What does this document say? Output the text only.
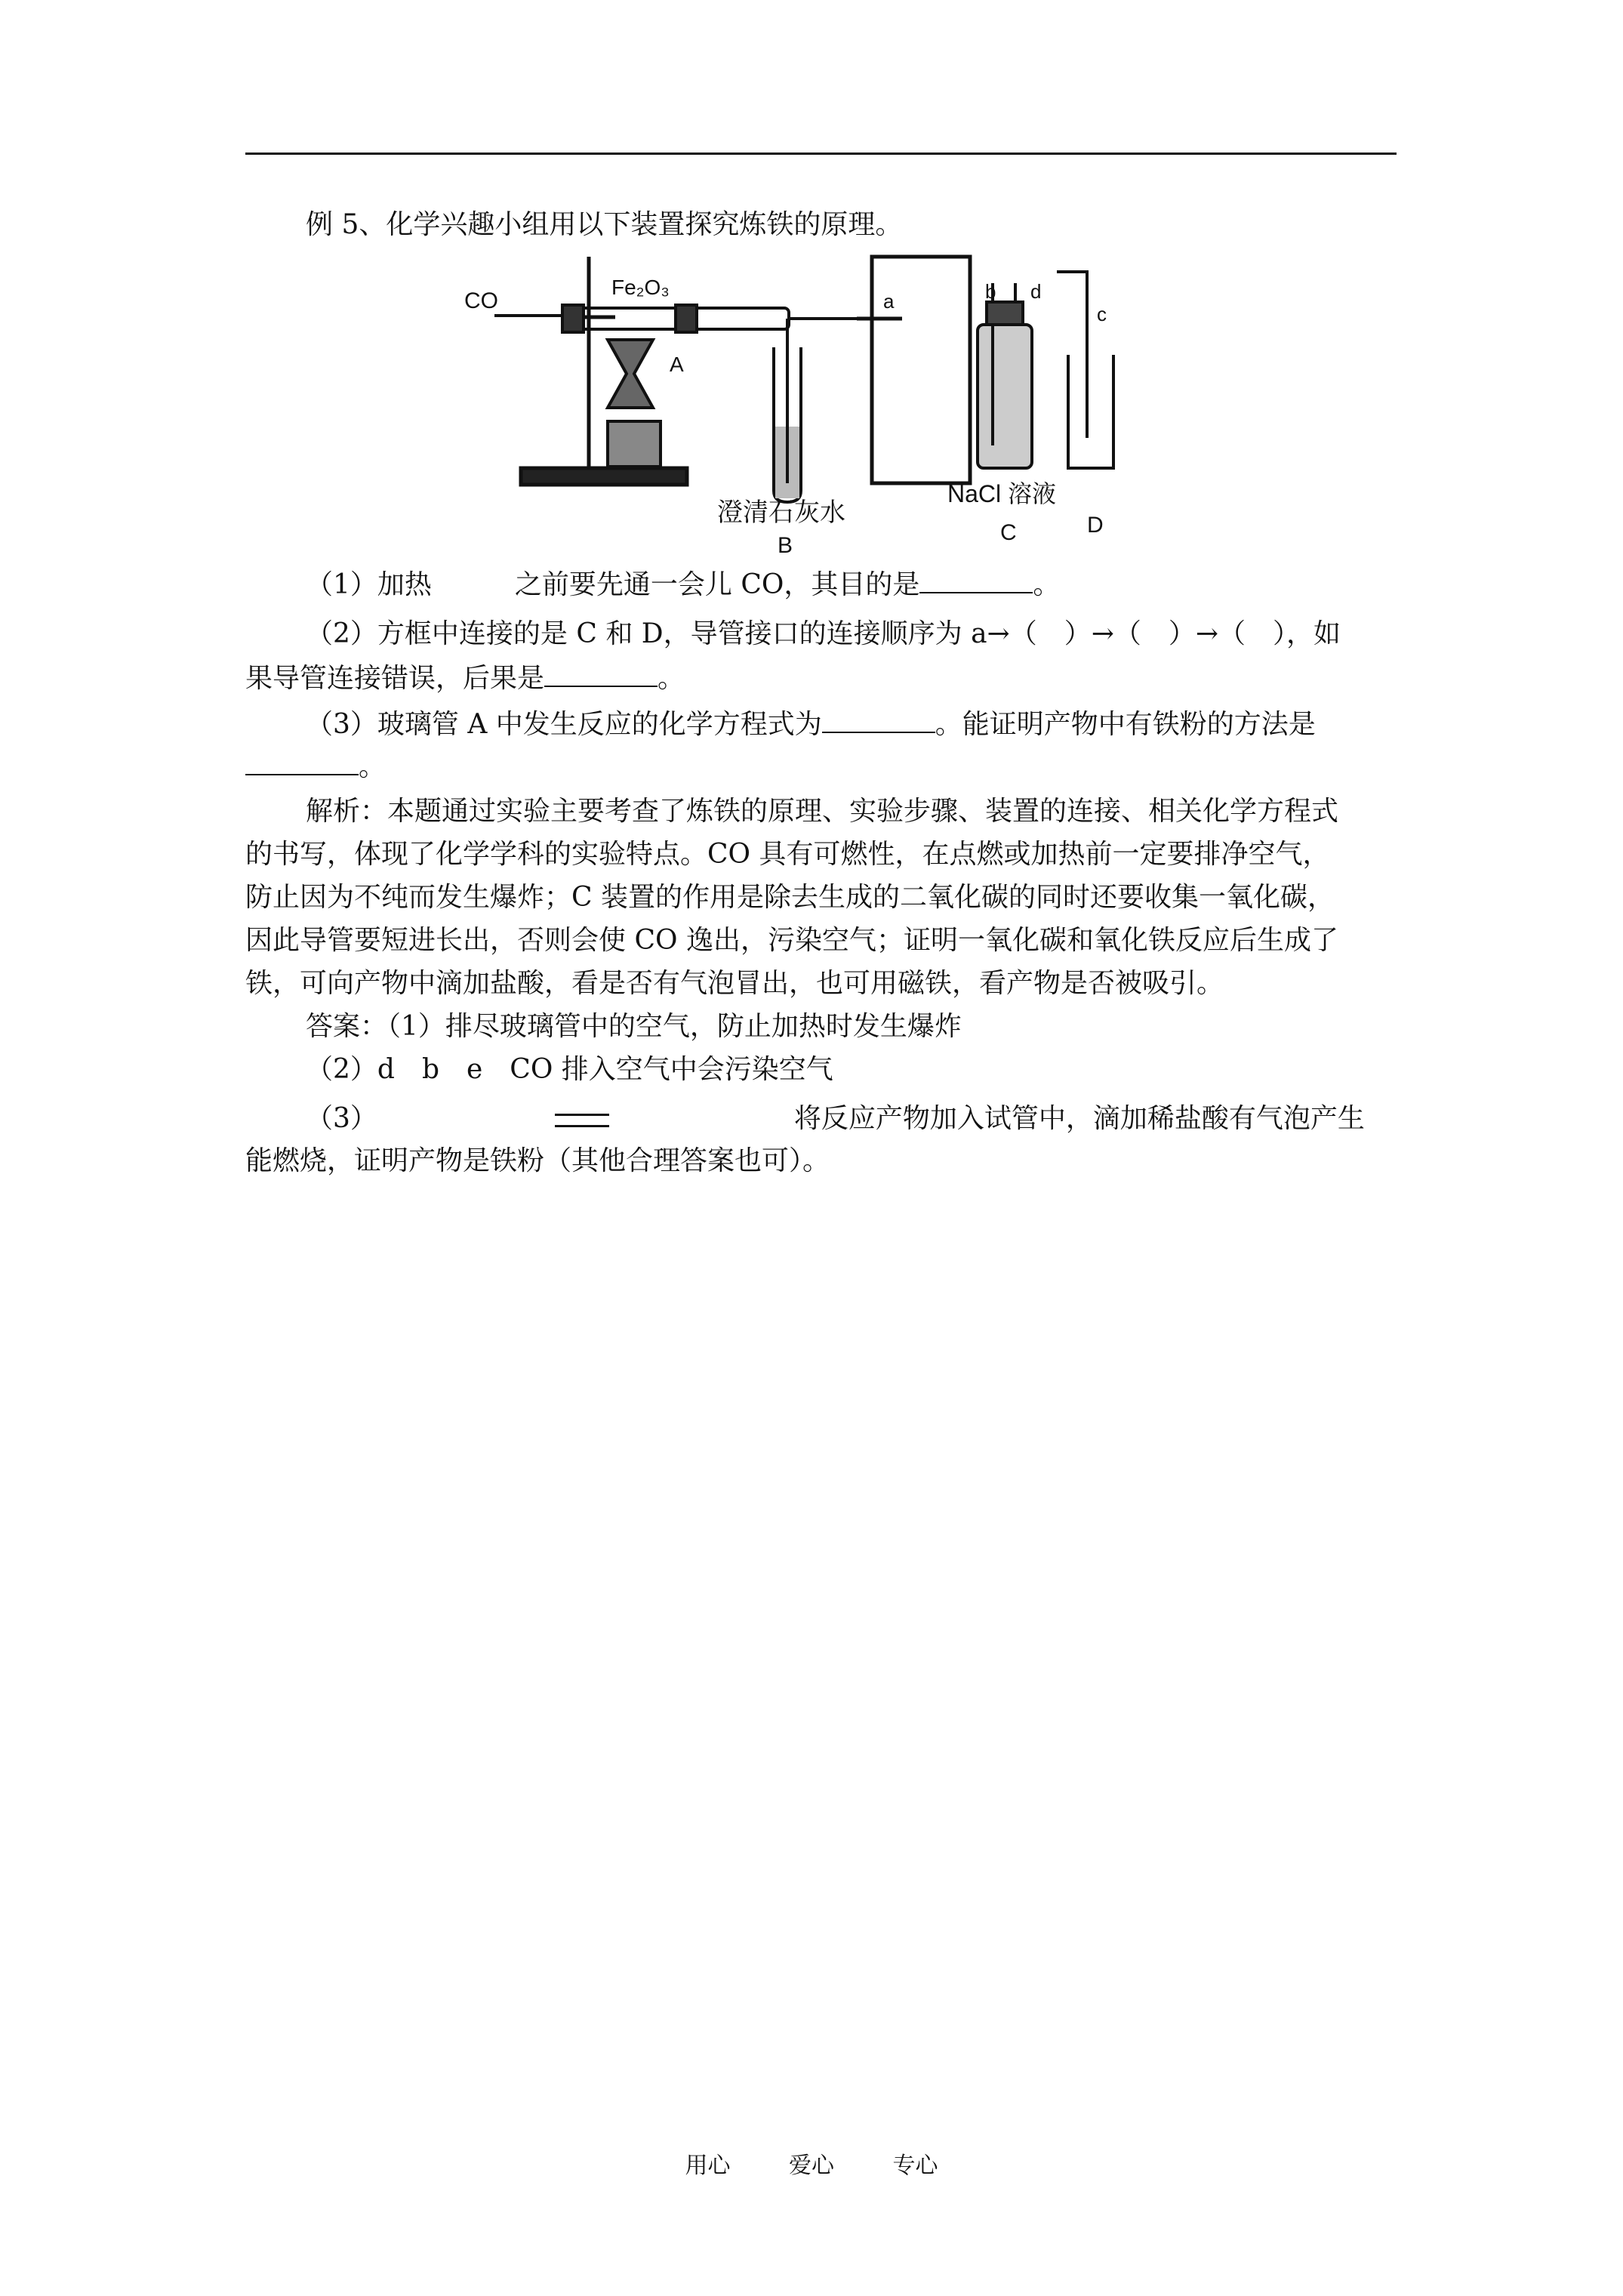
例 5、化学兴趣小组用以下装置探究炼铁的原理。
CO
Fe₂O₃
A
a	b d
c
澄清石灰水
B
NaCl 溶液
C	D
（1）加热	之前要先通一会儿 CO，其目的是	。
（2）方框中连接的是 C 和 D，导管接口的连接顺序为 a→（　）→（　）→（　），如
果导管连接错误，后果是	。
（3）玻璃管 A 中发生反应的化学方程式为	。能证明产物中有铁粉的方法是
。
解析：本题通过实验主要考查了炼铁的原理、实验步骤、装置的连接、相关化学方程式
的书写，体现了化学学科的实验特点。CO 具有可燃性，在点燃或加热前一定要排净空气，
防止因为不纯而发生爆炸；C 装置的作用是除去生成的二氧化碳的同时还要收集一氧化碳，
因此导管要短进长出，否则会使 CO 逸出，污染空气；证明一氧化碳和氧化铁反应后生成了
铁，可向产物中滴加盐酸，看是否有气泡冒出，也可用磁铁，看产物是否被吸引。
答案：（1）排尽玻璃管中的空气，防止加热时发生爆炸
（2）d　b　e　CO 排入空气中会污染空气
（3）	将反应产物加入试管中，滴加稀盐酸有气泡产生
能燃烧，证明产物是铁粉（其他合理答案也可）。
用心	爱心	专心
